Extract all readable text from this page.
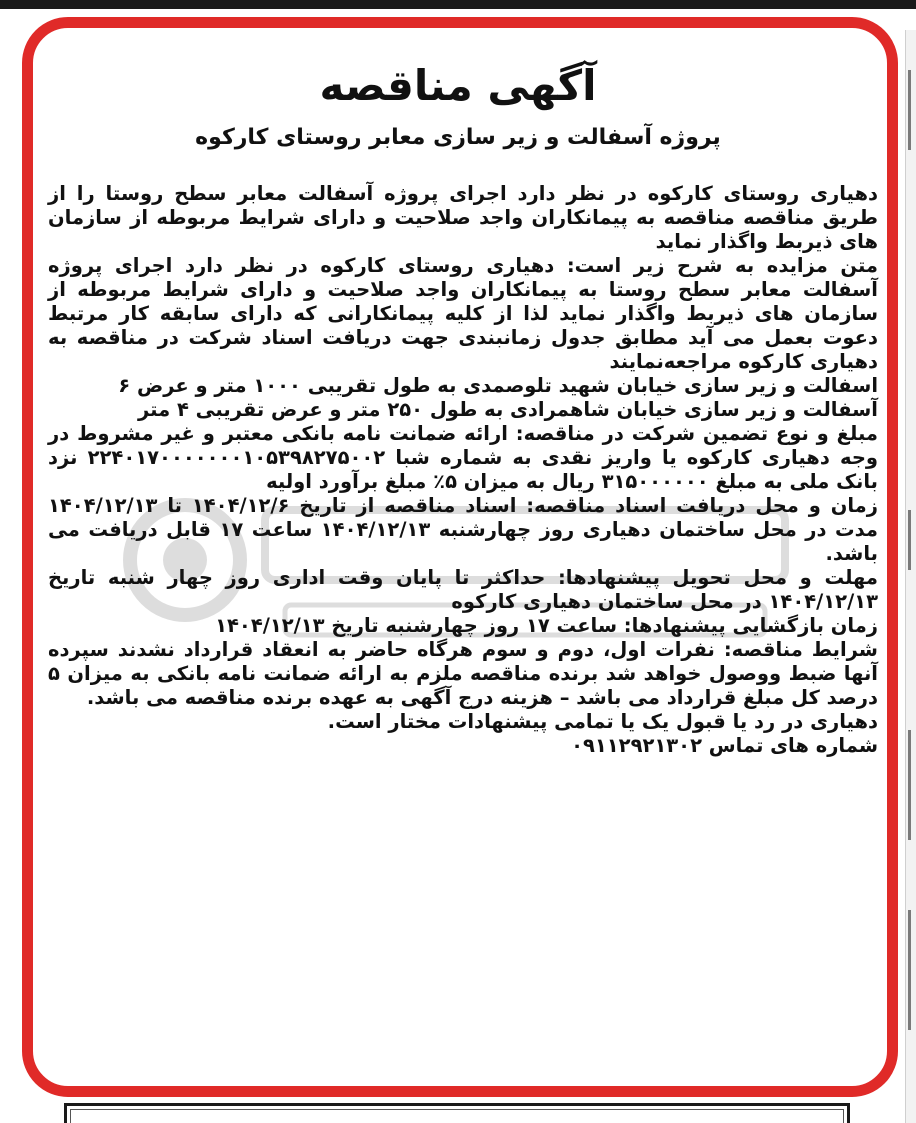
آگهی مناقصه
پروژه آسفالت و زیر سازی معابر روستای کارکوه

دهیاری روستای کارکوه در نظر دارد اجرای پروژه آسفالت معابر سطح روستا را از طریق مناقصه مناقصه به پیمانکاران واجد صلاحیت و دارای شرایط مربوطه از سازمان های ذیربط واگذار نماید

متن مزایده به شرح زیر است: دهیاری روستای کارکوه در نظر دارد اجرای پروژه آسفالت معابر سطح روستا به پیمانکاران واجد صلاحیت و دارای شرایط مربوطه از سازمان های ذیربط واگذار نماید لذا از کلیه پیمانکارانی که دارای سابقه کار مرتبط دعوت بعمل می آید مطابق جدول زمانبندی جهت دریافت اسناد شرکت در مناقصه به دهیاری کارکوه مراجعه‌نمایند

اسفالت و زیر سازی خیابان شهید تلوصمدی به طول تقریبی ۱۰۰۰ متر و عرض ۶

آسفالت و زیر سازی خیابان شاهمرادی به طول ۲۵۰ متر و عرض تقریبی ۴ متر

مبلغ و نوع تضمین شرکت در مناقصه: ارائه ضمانت نامه بانکی معتبر و غیر مشروط در وجه دهیاری کارکوه یا واریز نقدی به شماره شبا ۲۲۴۰۱۷۰۰۰۰۰۰۰۱۰۵۳۹۸۲۷۵۰۰۲ نزد بانک ملی به مبلغ ۳۱۵۰۰۰۰۰۰ ریال به میزان ۵٪ مبلغ برآورد اولیه

زمان و محل دریافت اسناد مناقصه: اسناد مناقصه از تاریخ ۱۴۰۴/۱۲/۶ تا ۱۴۰۴/۱۲/۱۳ مدت در محل ساختمان دهیاری روز چهارشنبه ۱۴۰۴/۱۲/۱۳ ساعت ۱۷ قابل دریافت می باشد.

مهلت و محل تحویل پیشنهادها: حداکثر تا پایان وقت اداری روز چهار شنبه تاریخ ۱۴۰۴/۱۲/۱۳ در محل ساختمان دهیاری کارکوه

زمان بازگشایی پیشنهادها: ساعت ۱۷ روز چهارشنبه تاریخ ۱۴۰۴/۱۲/۱۳

شرایط مناقصه: نفرات اول، دوم و سوم هرگاه حاضر به انعقاد قرارداد نشدند سپرده آنها ضبط ووصول خواهد شد برنده مناقصه ملزم به ارائه ضمانت نامه بانکی به میزان ۵ درصد کل مبلغ قرارداد می باشد – هزینه درج آگهی به عهده برنده مناقصه می باشد.

دهیاری در رد یا قبول یک یا تمامی پیشنهادات مختار است.

شماره های تماس ۰۹۱۱۲۹۲۱۳۰۲
